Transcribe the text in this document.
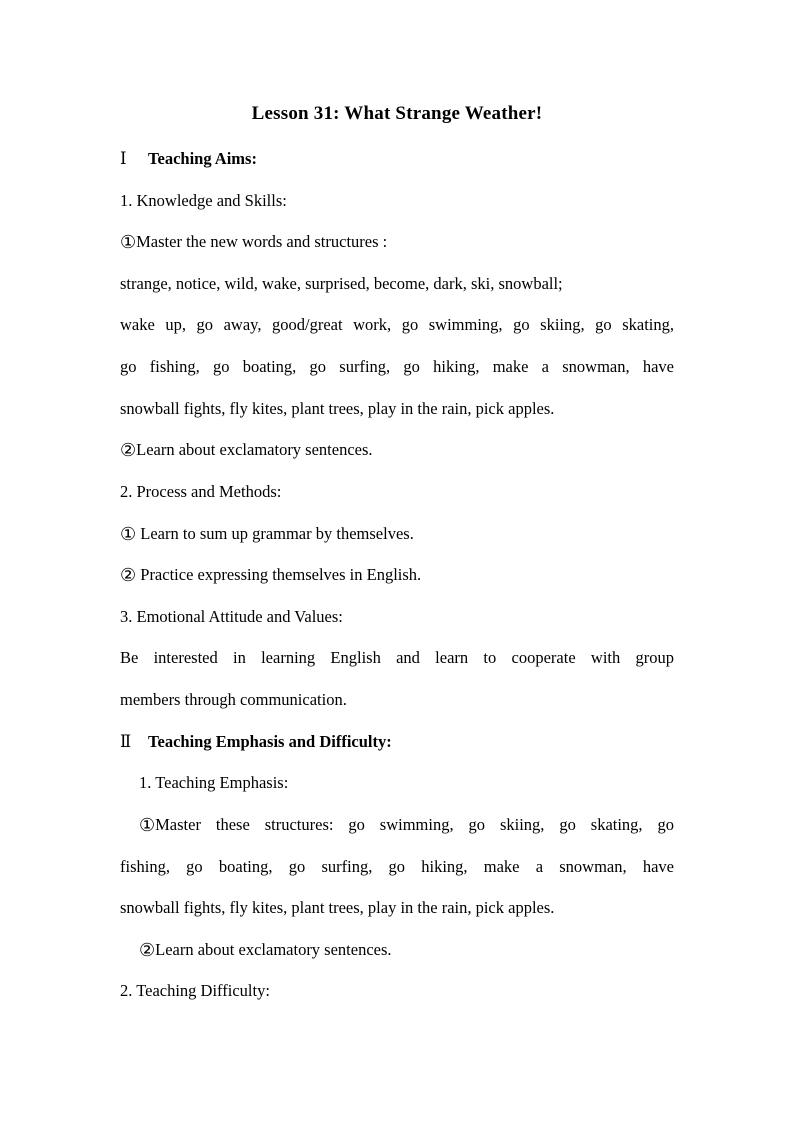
Lesson 31: What Strange Weather!
Ⅰ Teaching Aims:
1. Knowledge and Skills:
①Master the new words and structures :
strange, notice, wild, wake, surprised, become, dark, ski, snowball;
wake up, go away, good/great work, go swimming, go skiing, go skating,
go fishing, go boating, go surfing, go hiking, make a snowman, have
snowball fights, fly kites, plant trees, play in the rain, pick apples.
②Learn about exclamatory sentences.
2. Process and Methods:
① Learn to sum up grammar by themselves.
② Practice expressing themselves in English.
3. Emotional Attitude and Values:
Be interested in learning English and learn to cooperate with group
members through communication.
Ⅱ Teaching Emphasis and Difficulty:
1. Teaching Emphasis:
①Master these structures: go swimming, go skiing, go skating, go
fishing, go boating, go surfing, go hiking, make a snowman, have
snowball fights, fly kites, plant trees, play in the rain, pick apples.
②Learn about exclamatory sentences.
2. Teaching Difficulty:
